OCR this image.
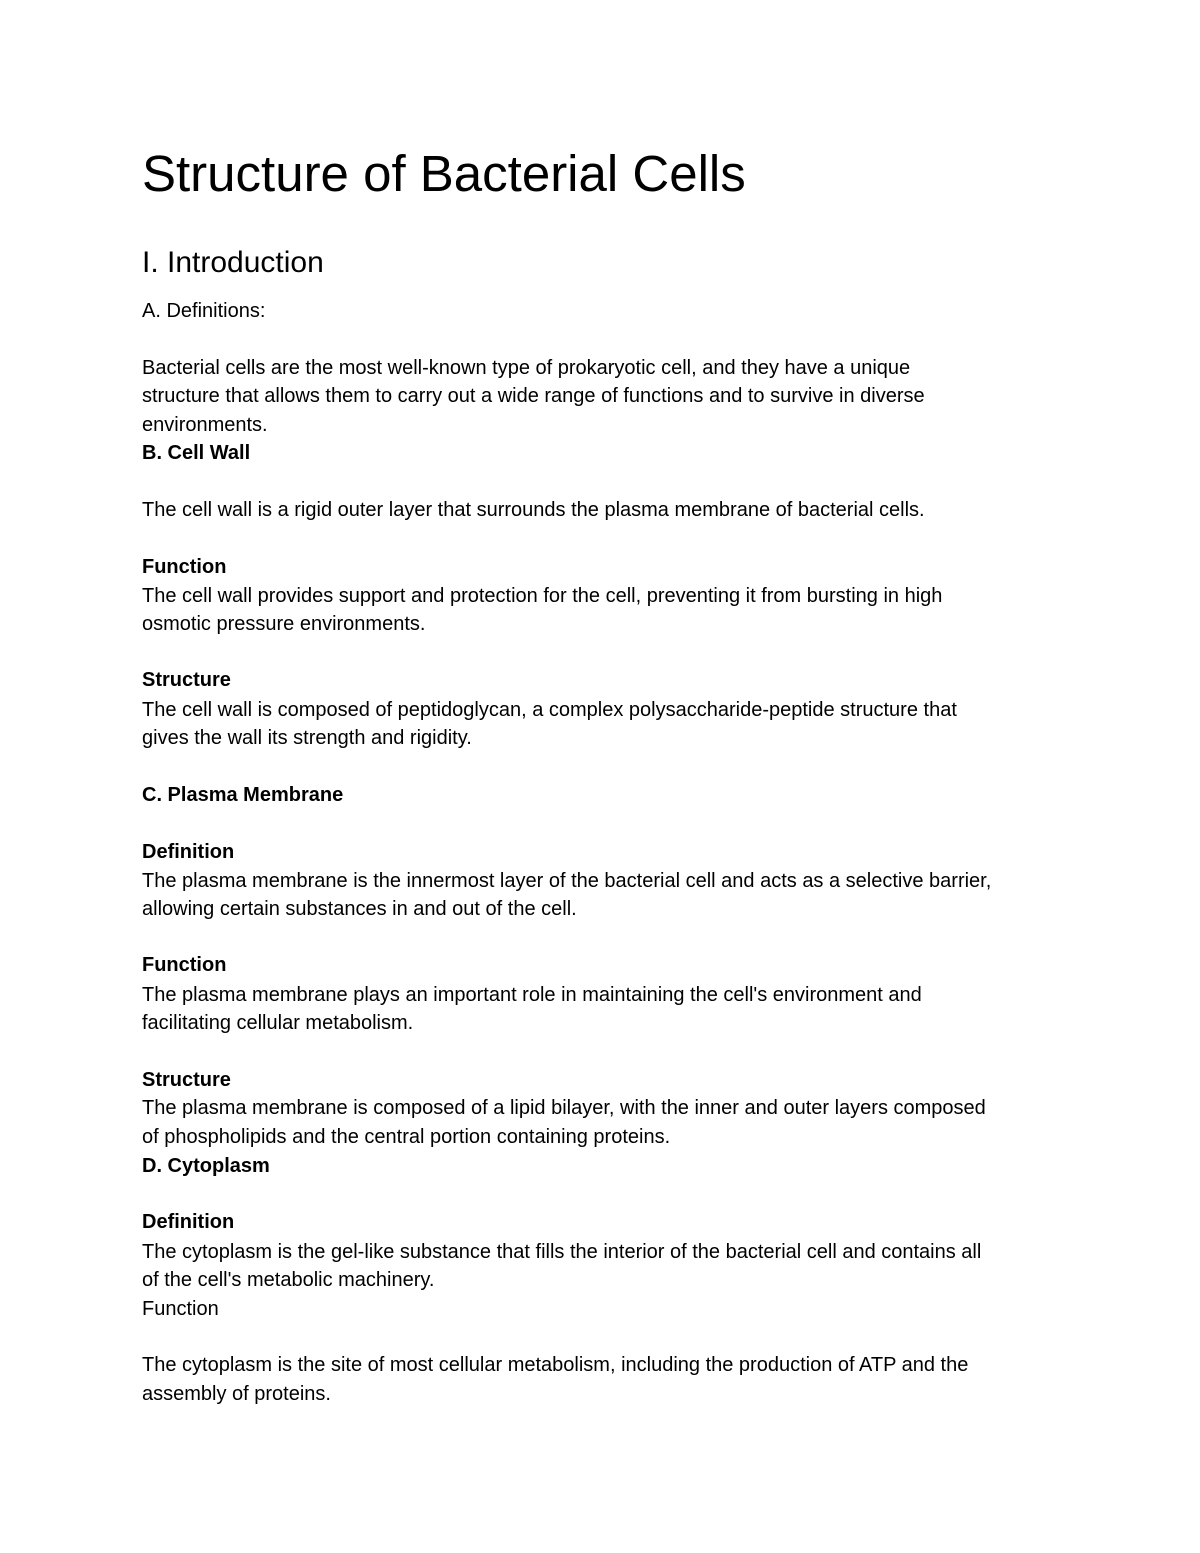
Structure of Bacterial Cells
I. Introduction

A. Definitions:

Bacterial cells are the most well-known type of prokaryotic cell, and they have a unique

structure that allows them to carry out a wide range of functions and to survive in diverse

environments.

B. Cell Wall

The cell wall is a rigid outer layer that surrounds the plasma membrane of bacterial cells.

Function

The cell wall provides support and protection for the cell, preventing it from bursting in high

osmotic pressure environments.

Structure

The cell wall is composed of peptidoglycan, a complex polysaccharide-peptide structure that

gives the wall its strength and rigidity.

C. Plasma Membrane

Definition

The plasma membrane is the innermost layer of the bacterial cell and acts as a selective barrier,

allowing certain substances in and out of the cell.

Function

The plasma membrane plays an important role in maintaining the cell's environment and

facilitating cellular metabolism.

Structure

The plasma membrane is composed of a lipid bilayer, with the inner and outer layers composed

of phospholipids and the central portion containing proteins.

D. Cytoplasm

Definition

The cytoplasm is the gel-like substance that fills the interior of the bacterial cell and contains all

of the cell's metabolic machinery.

Function

The cytoplasm is the site of most cellular metabolism, including the production of ATP and the

assembly of proteins.
